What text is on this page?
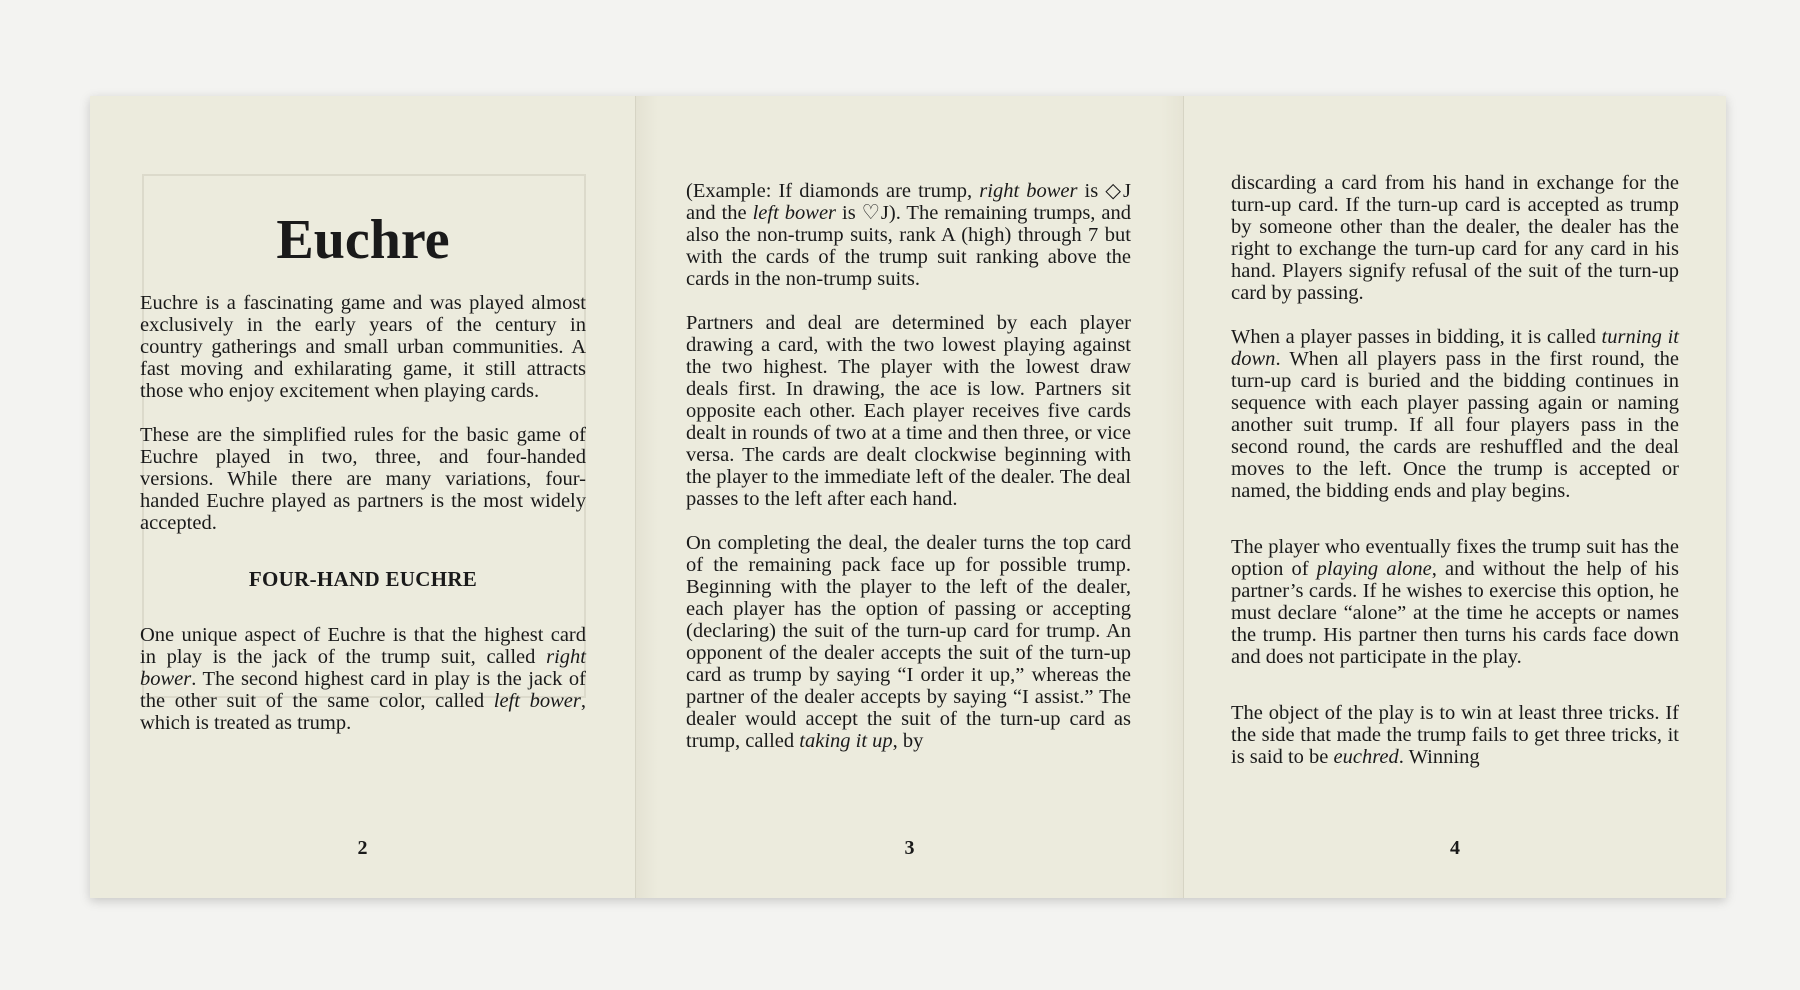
Euchre

Euchre is a fascinating game and was played almost exclusively in the early years of the century in country gatherings and small urban communities. A fast moving and exhilarating game, it still attracts those who enjoy excitement when playing cards.

These are the simplified rules for the basic game of Euchre played in two, three, and four-handed versions. While there are many variations, four-handed Euchre played as partners is the most widely accepted.

FOUR-HAND EUCHRE

One unique aspect of Euchre is that the highest card in play is the jack of the trump suit, called right bower. The second highest card in play is the jack of the other suit of the same color, called left bower, which is treated as trump.

2

(Example: If diamonds are trump, right bower is ◇J and the left bower is ♡J). The remaining trumps, and also the non-trump suits, rank A (high) through 7 but with the cards of the trump suit ranking above the cards in the non-trump suits.

Partners and deal are determined by each player drawing a card, with the two lowest playing against the two highest. The player with the lowest draw deals first. In drawing, the ace is low. Partners sit opposite each other. Each player receives five cards dealt in rounds of two at a time and then three, or vice versa. The cards are dealt clockwise beginning with the player to the immediate left of the dealer. The deal passes to the left after each hand.

On completing the deal, the dealer turns the top card of the remaining pack face up for possible trump. Beginning with the player to the left of the dealer, each player has the option of passing or accepting (declaring) the suit of the turn-up card for trump. An opponent of the dealer accepts the suit of the turn-up card as trump by saying “I order it up,” whereas the partner of the dealer accepts by saying “I assist.” The dealer would accept the suit of the turn-up card as trump, called taking it up, by

3

discarding a card from his hand in exchange for the turn-up card. If the turn-up card is accepted as trump by someone other than the dealer, the dealer has the right to exchange the turn-up card for any card in his hand. Players signify refusal of the suit of the turn-up card by passing.

When a player passes in bidding, it is called turning it down. When all players pass in the first round, the turn-up card is buried and the bidding continues in sequence with each player passing again or naming another suit trump. If all four players pass in the second round, the cards are reshuffled and the deal moves to the left. Once the trump is accepted or named, the bidding ends and play begins.

The player who eventually fixes the trump suit has the option of playing alone, and without the help of his partner’s cards. If he wishes to exercise this option, he must declare “alone” at the time he accepts or names the trump. His partner then turns his cards face down and does not participate in the play.

The object of the play is to win at least three tricks. If the side that made the trump fails to get three tricks, it is said to be euchred. Winning

4
